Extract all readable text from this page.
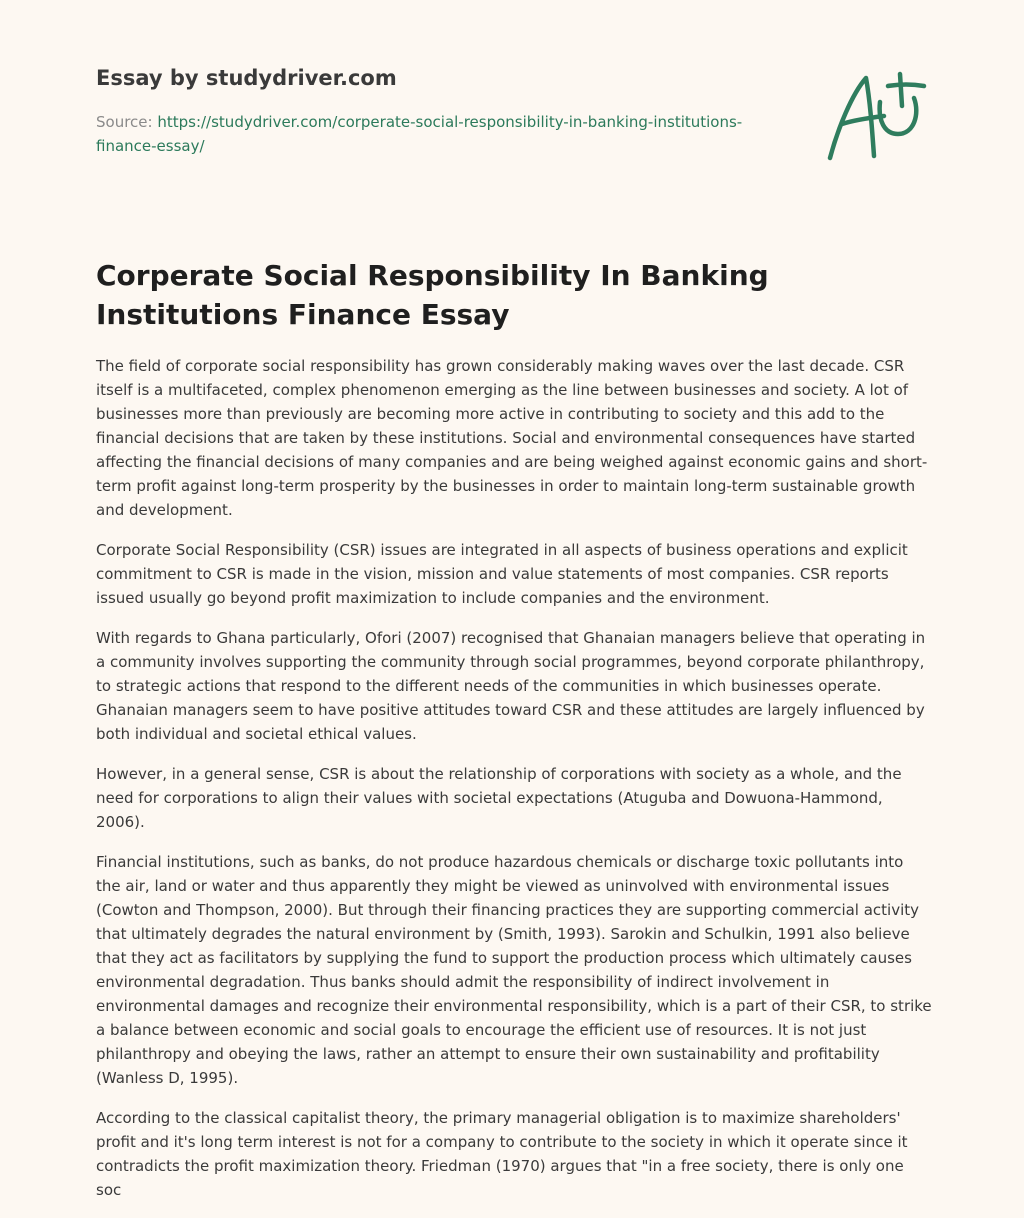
Essay by studydriver.com
Source: https://studydriver.com/corperate-social-responsibility-in-banking-institutions-finance-essay/
Corperate Social Responsibility In Banking Institutions Finance Essay

The field of corporate social responsibility has grown considerably making waves over the last decade. CSR itself is a multifaceted, complex phenomenon emerging as the line between businesses and society. A lot of businesses more than previously are becoming more active in contributing to society and this add to the financial decisions that are taken by these institutions. Social and environmental consequences have started affecting the financial decisions of many companies and are being weighed against economic gains and short-term profit against long-term prosperity by the businesses in order to maintain long-term sustainable growth and development.

Corporate Social Responsibility (CSR) issues are integrated in all aspects of business operations and explicit commitment to CSR is made in the vision, mission and value statements of most companies. CSR reports issued usually go beyond profit maximization to include companies and the environment.

With regards to Ghana particularly, Ofori (2007) recognised that Ghanaian managers believe that operating in a community involves supporting the community through social programmes, beyond corporate philanthropy, to strategic actions that respond to the different needs of the communities in which businesses operate. Ghanaian managers seem to have positive attitudes toward CSR and these attitudes are largely influenced by both individual and societal ethical values.

However, in a general sense, CSR is about the relationship of corporations with society as a whole, and the need for corporations to align their values with societal expectations (Atuguba and Dowuona-Hammond, 2006).

Financial institutions, such as banks, do not produce hazardous chemicals or discharge toxic pollutants into the air, land or water and thus apparently they might be viewed as uninvolved with environmental issues (Cowton and Thompson, 2000). But through their financing practices they are supporting commercial activity that ultimately degrades the natural environment by (Smith, 1993). Sarokin and Schulkin, 1991 also believe that they act as facilitators by supplying the fund to support the production process which ultimately causes environmental degradation. Thus banks should admit the responsibility of indirect involvement in environmental damages and recognize their environmental responsibility, which is a part of their CSR, to strike a balance between economic and social goals to encourage the efficient use of resources. It is not just philanthropy and obeying the laws, rather an attempt to ensure their own sustainability and profitability (Wanless D, 1995).

According to the classical capitalist theory, the primary managerial obligation is to maximize shareholders' profit and it's long term interest is not for a company to contribute to the society in which it operate since it contradicts the profit maximization theory. Friedman (1970) argues that "in a free society, there is only one soc
